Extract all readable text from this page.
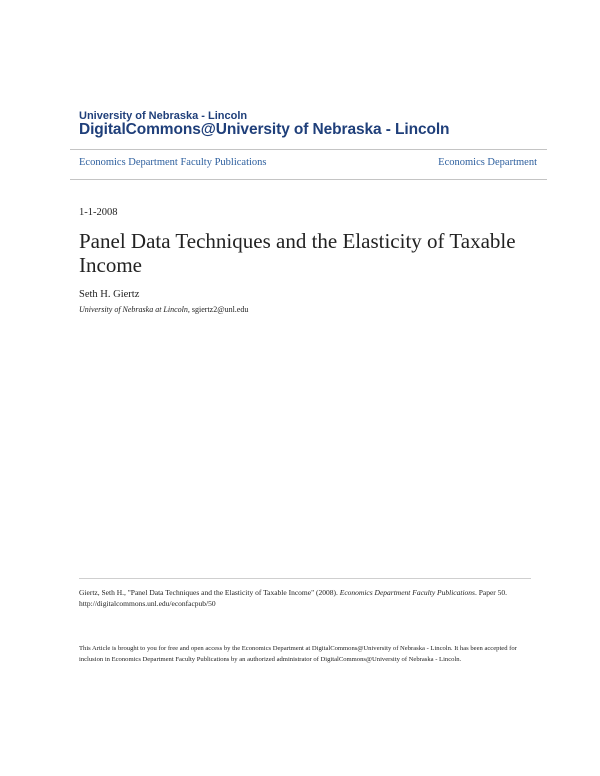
University of Nebraska - Lincoln
DigitalCommons@University of Nebraska - Lincoln
Economics Department Faculty Publications	Economics Department
1-1-2008
Panel Data Techniques and the Elasticity of Taxable Income
Seth H. Giertz
University of Nebraska at Lincoln, sgiertz2@unl.edu
Giertz, Seth H., "Panel Data Techniques and the Elasticity of Taxable Income" (2008). Economics Department Faculty Publications. Paper 50.
http://digitalcommons.unl.edu/econfacpub/50
This Article is brought to you for free and open access by the Economics Department at DigitalCommons@University of Nebraska - Lincoln. It has been accepted for inclusion in Economics Department Faculty Publications by an authorized administrator of DigitalCommons@University of Nebraska - Lincoln.
